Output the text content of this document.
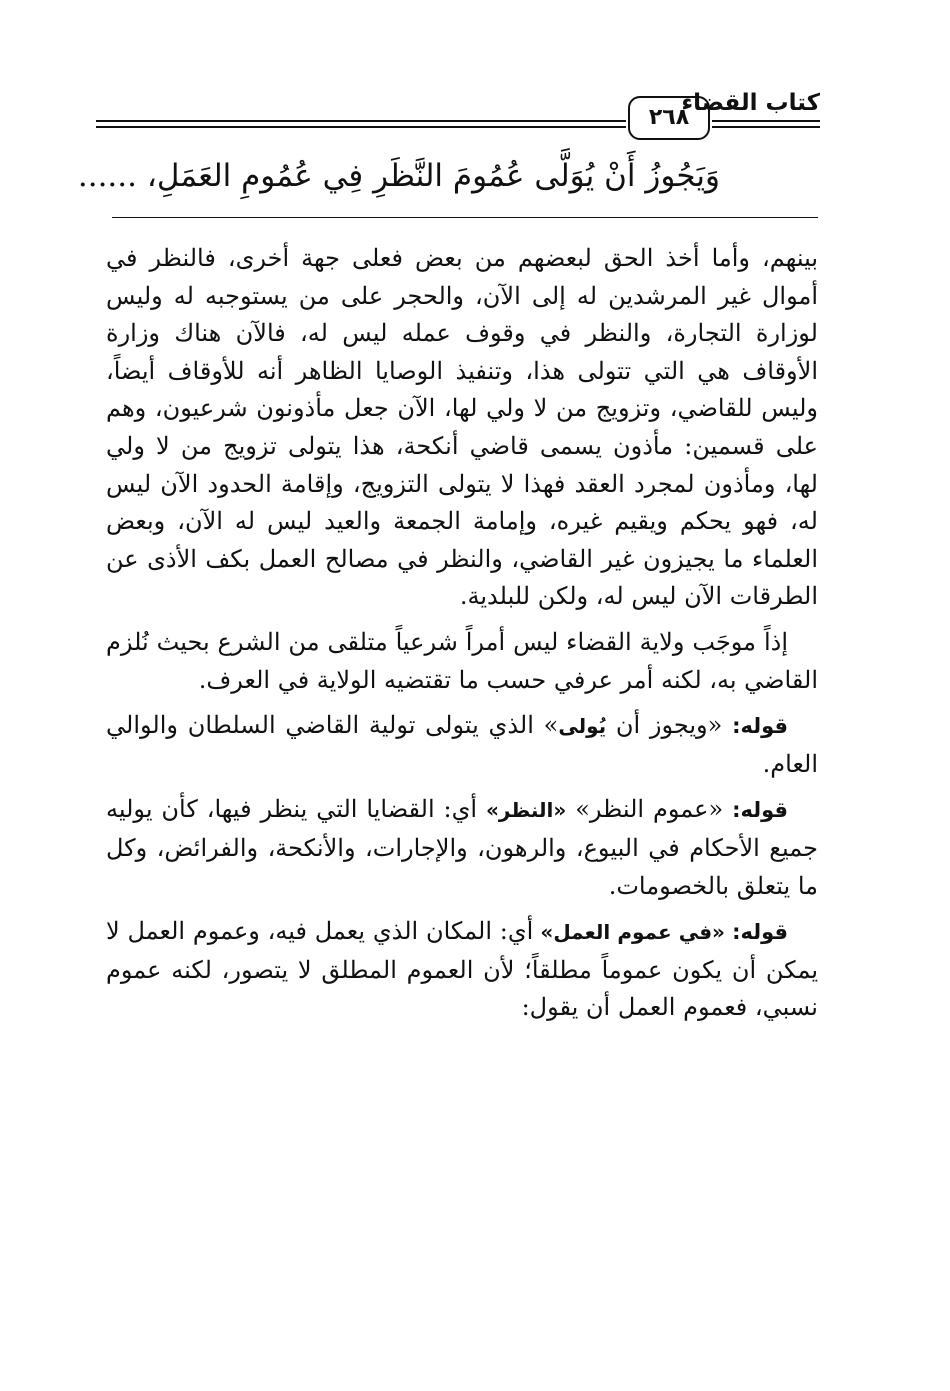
كتاب القضاء
٢٦٨
وَيَجُوزُ أَنْ يُوَلَّى عُمُومَ النَّظَرِ فِي عُمُومِ العَمَلِ، ......

بينهم، وأما أخذ الحق لبعضهم من بعض فعلى جهة أخرى، فالنظر في أموال غير المرشدين له إلى الآن، والحجر على من يستوجبه له وليس لوزارة التجارة، والنظر في وقوف عمله ليس له، فالآن هناك وزارة الأوقاف هي التي تتولى هذا، وتنفيذ الوصايا الظاهر أنه للأوقاف أيضاً، وليس للقاضي، وتزويج من لا ولي لها، الآن جعل مأذونون شرعيون، وهم على قسمين: مأذون يسمى قاضي أنكحة، هذا يتولى تزويج من لا ولي لها، ومأذون لمجرد العقد فهذا لا يتولى التزويج، وإقامة الحدود الآن ليس له، فهو يحكم ويقيم غيره، وإمامة الجمعة والعيد ليس له الآن، وبعض العلماء ما يجيزون غير القاضي، والنظر في مصالح العمل بكف الأذى عن الطرقات الآن ليس له، ولكن للبلدية.

إذاً موجَب ولاية القضاء ليس أمراً شرعياً متلقى من الشرع بحيث نُلزم القاضي به، لكنه أمر عرفي حسب ما تقتضيه الولاية في العرف.

قوله: «ويجوز أن يُولى» الذي يتولى تولية القاضي السلطان والوالي العام.

قوله: «عموم النظر» «النظر» أي: القضايا التي ينظر فيها، كأن يوليه جميع الأحكام في البيوع، والرهون، والإجارات، والأنكحة، والفرائض، وكل ما يتعلق بالخصومات.

قوله: «في عموم العمل» أي: المكان الذي يعمل فيه، وعموم العمل لا يمكن أن يكون عموماً مطلقاً؛ لأن العموم المطلق لا يتصور، لكنه عموم نسبي، فعموم العمل أن يقول:
